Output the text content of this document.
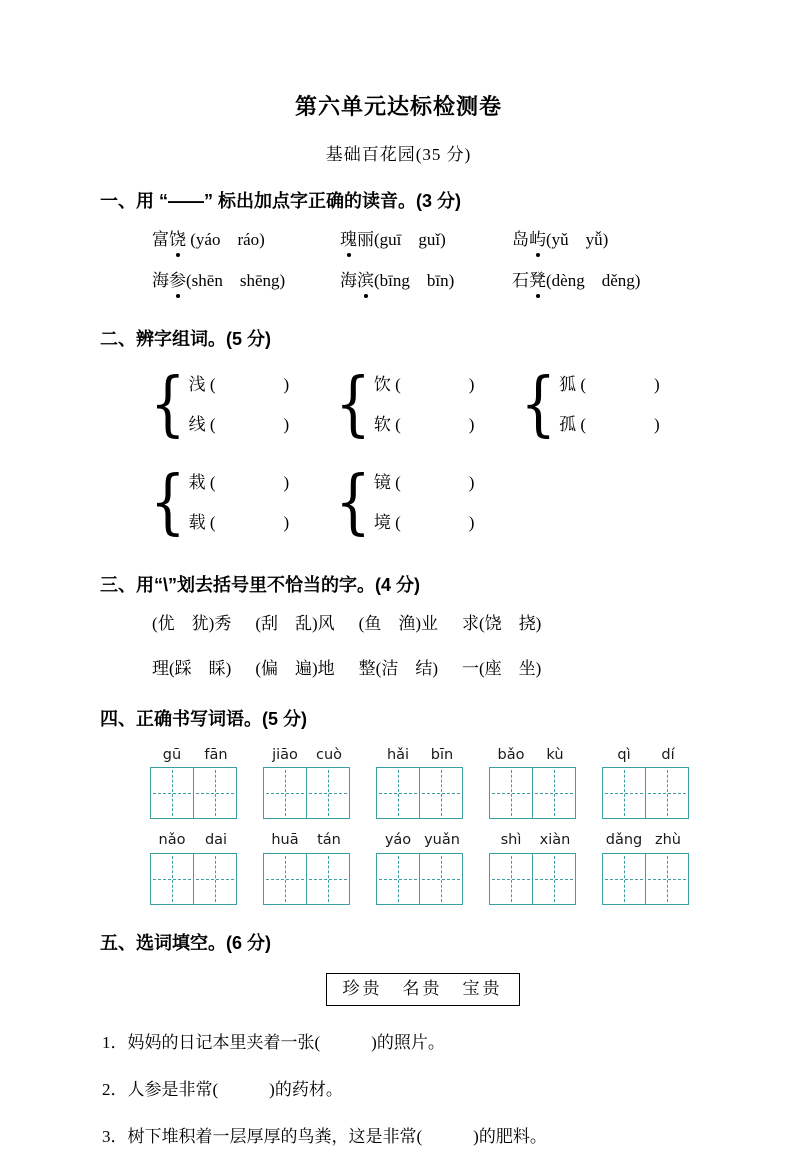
第六单元达标检测卷
基础百花园(35 分)
一、用 “——” 标出加点字正确的读音。(3 分)
富饶 (yáo ráo)	瑰丽(guī guǐ)	岛屿(yǔ yǚ)
海参(shēn shēng)	海滨(bīng bīn)	石凳(dèng děng)
二、辨字组词。(5 分)
{ 浅 (　　　　)
线 (　　　　) { 饮 (　　　　)
软 (　　　　) { 狐 (　　　　)
孤 (　　　　)
{ 栽 (　　　　)
载 (　　　　) { 镜 (　　　　)
境 (　　　　)
三、用“\”划去括号里不恰当的字。(4 分)
(优　犹)秀 (刮　乱)风 (鱼　渔)业 求(饶　挠)
理(踩　睬) (偏　遍)地 整(洁　结) 一(座　坐)
四、正确书写词语。(5 分)
gū	fān	jiāo	cuò	hǎi	bīn	bǎo	kù	qì	dí
nǎo	dai	huā	tán	yáo yuǎn	shì	xiàn	dǎng zhù
五、选词填空。(6 分)
珍贵　名贵　宝贵
1．妈妈的日记本里夹着一张(　　　)的照片。
2．人参是非常(　　　)的药材。
3．树下堆积着一层厚厚的鸟粪，这是非常(　　　)的肥料。
